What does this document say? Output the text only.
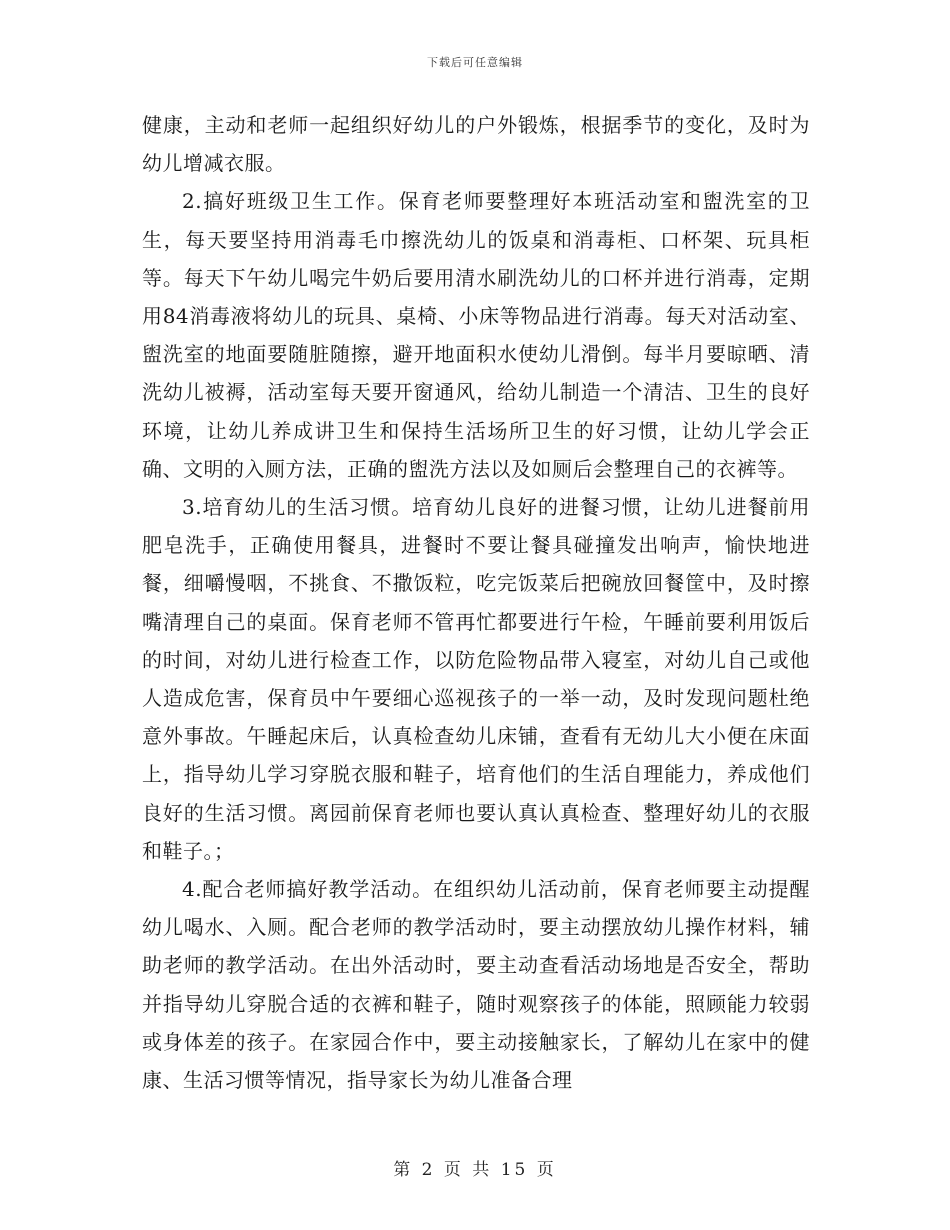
下载后可任意编辑

健康，主动和老师一起组织好幼儿的户外锻炼，根据季节的变化，及时为幼儿增减衣服。

2.搞好班级卫生工作。保育老师要整理好本班活动室和盥洗室的卫生，每天要坚持用消毒毛巾擦洗幼儿的饭桌和消毒柜、口杯架、玩具柜等。每天下午幼儿喝完牛奶后要用清水刷洗幼儿的口杯并进行消毒，定期用84消毒液将幼儿的玩具、桌椅、小床等物品进行消毒。每天对活动室、盥洗室的地面要随脏随擦，避开地面积水使幼儿滑倒。每半月要晾晒、清洗幼儿被褥，活动室每天要开窗通风，给幼儿制造一个清洁、卫生的良好环境，让幼儿养成讲卫生和保持生活场所卫生的好习惯，让幼儿学会正确、文明的入厕方法，正确的盥洗方法以及如厕后会整理自己的衣裤等。

3.培育幼儿的生活习惯。培育幼儿良好的进餐习惯，让幼儿进餐前用肥皂洗手，正确使用餐具，进餐时不要让餐具碰撞发出响声，愉快地进餐，细嚼慢咽，不挑食、不撒饭粒，吃完饭菜后把碗放回餐筐中，及时擦嘴清理自己的桌面。保育老师不管再忙都要进行午检，午睡前要利用饭后的时间，对幼儿进行检查工作，以防危险物品带入寝室，对幼儿自己或他人造成危害，保育员中午要细心巡视孩子的一举一动，及时发现问题杜绝意外事故。午睡起床后，认真检查幼儿床铺，查看有无幼儿大小便在床面上，指导幼儿学习穿脱衣服和鞋子，培育他们的生活自理能力，养成他们良好的生活习惯。离园前保育老师也要认真认真检查、整理好幼儿的衣服和鞋子。；

4.配合老师搞好教学活动。在组织幼儿活动前，保育老师要主动提醒幼儿喝水、入厕。配合老师的教学活动时，要主动摆放幼儿操作材料，辅助老师的教学活动。在出外活动时，要主动查看活动场地是否安全，帮助并指导幼儿穿脱合适的衣裤和鞋子，随时观察孩子的体能，照顾能力较弱或身体差的孩子。在家园合作中，要主动接触家长，了解幼儿在家中的健康、生活习惯等情况，指导家长为幼儿准备合理

第 2 页 共 15 页
